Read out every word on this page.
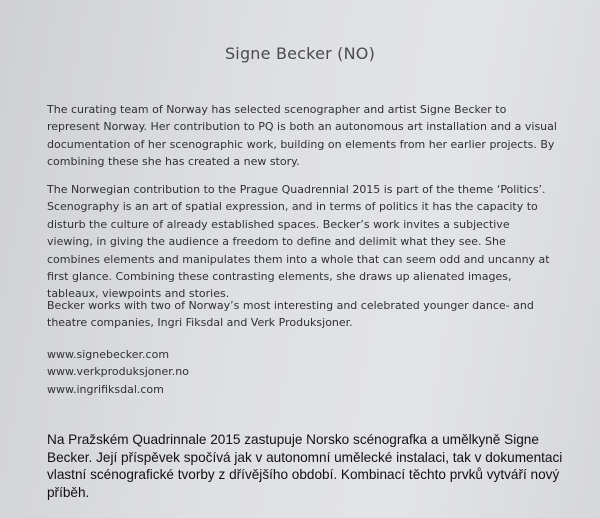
Signe Becker (NO)

The curating team of Norway has selected scenographer and artist Signe Becker to represent Norway. Her contribution to PQ is both an autonomous art installation and a visual documentation of her scenographic work, building on elements from her earlier projects. By combining these she has created a new story.

The Norwegian contribution to the Prague Quadrennial 2015 is part of the theme ‘Politics’. Scenography is an art of spatial expression, and in terms of politics it has the capacity to disturb the culture of already established spaces. Becker’s work invites a subjective viewing, in giving the audience a freedom to define and delimit what they see. She combines elements and manipulates them into a whole that can seem odd and uncanny at first glance. Combining these contrasting elements, she draws up alienated images, tableaux, viewpoints and stories.

Becker works with two of Norway’s most interesting and celebrated younger dance- and theatre companies, Ingri Fiksdal and Verk Produksjoner.

www.signebecker.com
www.verkproduksjoner.no
www.ingrifiksdal.com

Na Pražském Quadrinnale 2015 zastupuje Norsko scénografka a umělkyně Signe Becker. Její příspěvek spočívá jak v autonomní umělecké instalaci, tak v dokumentaci vlastní scénografické tvorby z dřívějšího období. Kombinací těchto prvků vytváří nový příběh.
